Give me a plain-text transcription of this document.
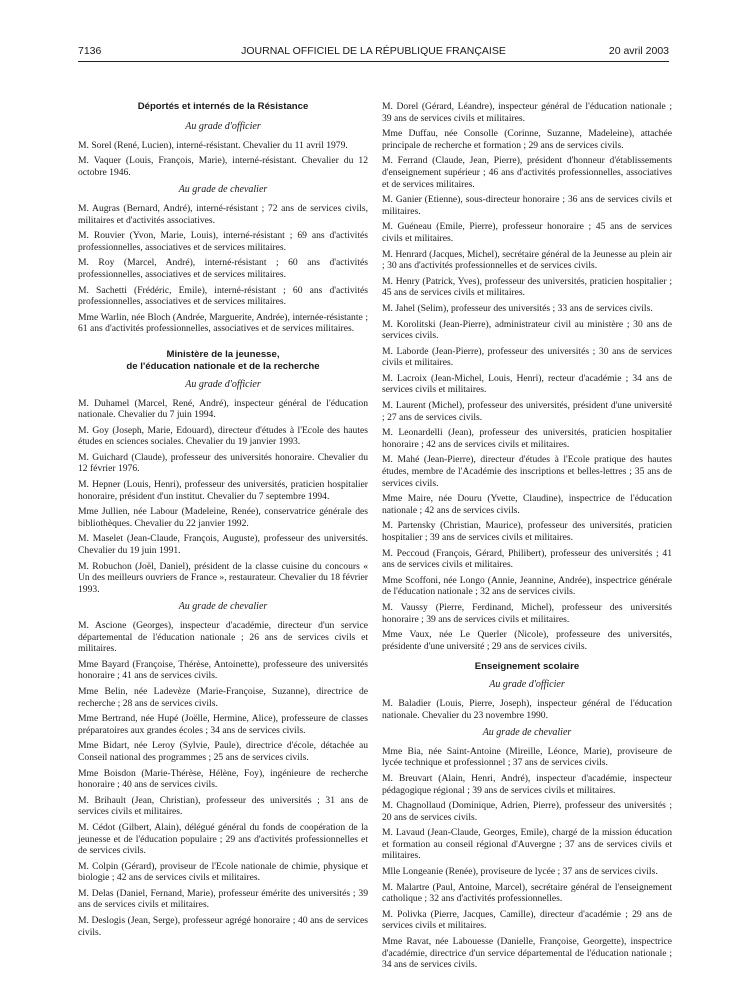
7136	JOURNAL OFFICIEL DE LA RÉPUBLIQUE FRANÇAISE	20 avril 2003
Déportés et internés de la Résistance
Au grade d'officier
M. Sorel (René, Lucien), interné-résistant. Chevalier du 11 avril 1979.
M. Vaquer (Louis, François, Marie), interné-résistant. Chevalier du 12 octobre 1946.
Au grade de chevalier
M. Augras (Bernard, André), interné-résistant ; 72 ans de services civils, militaires et d'activités associatives.
M. Rouvier (Yvon, Marie, Louis), interné-résistant ; 69 ans d'activités professionnelles, associatives et de services militaires.
M. Roy (Marcel, André), interné-résistant ; 60 ans d'activités professionnelles, associatives et de services militaires.
M. Sachetti (Frédéric, Emile), interné-résistant ; 60 ans d'activités professionnelles, associatives et de services militaires.
Mme Warlin, née Bloch (Andrée, Marguerite, Andrée), internée-résistante ; 61 ans d'activités professionnelles, associatives et de services militaires.
Ministère de la jeunesse,
de l'éducation nationale et de la recherche
Au grade d'officier
M. Duhamel (Marcel, René, André), inspecteur général de l'éducation nationale. Chevalier du 7 juin 1994.
M. Goy (Joseph, Marie, Edouard), directeur d'études à l'Ecole des hautes études en sciences sociales. Chevalier du 19 janvier 1993.
M. Guichard (Claude), professeur des universités honoraire. Chevalier du 12 février 1976.
M. Hepner (Louis, Henri), professeur des universités, praticien hospitalier honoraire, président d'un institut. Chevalier du 7 septembre 1994.
Mme Jullien, née Labour (Madeleine, Renée), conservatrice générale des bibliothèques. Chevalier du 22 janvier 1992.
M. Maselet (Jean-Claude, François, Auguste), professeur des universités. Chevalier du 19 juin 1991.
M. Robuchon (Joël, Daniel), président de la classe cuisine du concours « Un des meilleurs ouvriers de France », restaurateur. Chevalier du 18 février 1993.
Au grade de chevalier
M. Ascione (Georges), inspecteur d'académie, directeur d'un service départemental de l'éducation nationale ; 26 ans de services civils et militaires.
Mme Bayard (Françoise, Thérèse, Antoinette), professeure des universités honoraire ; 41 ans de services civils.
Mme Belin, née Ladevèze (Marie-Françoise, Suzanne), directrice de recherche ; 28 ans de services civils.
Mme Bertrand, née Hupé (Joëlle, Hermine, Alice), professeure de classes préparatoires aux grandes écoles ; 34 ans de services civils.
Mme Bidart, née Leroy (Sylvie, Paule), directrice d'école, détachée au Conseil national des programmes ; 25 ans de services civils.
Mme Boisdon (Marie-Thérèse, Hélène, Foy), ingénieure de recherche honoraire ; 40 ans de services civils.
M. Brihault (Jean, Christian), professeur des universités ; 31 ans de services civils et militaires.
M. Cédot (Gilbert, Alain), délégué général du fonds de coopération de la jeunesse et de l'éducation populaire ; 29 ans d'activités professionnelles et de services civils.
M. Colpin (Gérard), proviseur de l'Ecole nationale de chimie, physique et biologie ; 42 ans de services civils et militaires.
M. Delas (Daniel, Fernand, Marie), professeur émérite des universités ; 39 ans de services civils et militaires.
M. Deslogis (Jean, Serge), professeur agrégé honoraire ; 40 ans de services civils.
M. Dorel (Gérard, Léandre), inspecteur général de l'éducation nationale ; 39 ans de services civils et militaires.
Mme Duffau, née Consolle (Corinne, Suzanne, Madeleine), attachée principale de recherche et formation ; 29 ans de services civils.
M. Ferrand (Claude, Jean, Pierre), président d'honneur d'établissements d'enseignement supérieur ; 46 ans d'activités professionnelles, associatives et de services militaires.
M. Ganier (Etienne), sous-directeur honoraire ; 36 ans de services civils et militaires.
M. Guéneau (Emile, Pierre), professeur honoraire ; 45 ans de services civils et militaires.
M. Henrard (Jacques, Michel), secrétaire général de la Jeunesse au plein air ; 30 ans d'activités professionnelles et de services civils.
M. Henry (Patrick, Yves), professeur des universités, praticien hospitalier ; 45 ans de services civils et militaires.
M. Jahel (Selim), professeur des universités ; 33 ans de services civils.
M. Korolitski (Jean-Pierre), administrateur civil au ministère ; 30 ans de services civils.
M. Laborde (Jean-Pierre), professeur des universités ; 30 ans de services civils et militaires.
M. Lacroix (Jean-Michel, Louis, Henri), recteur d'académie ; 34 ans de services civils et militaires.
M. Laurent (Michel), professeur des universités, président d'une université ; 27 ans de services civils.
M. Leonardelli (Jean), professeur des universités, praticien hospitalier honoraire ; 42 ans de services civils et militaires.
M. Mahé (Jean-Pierre), directeur d'études à l'Ecole pratique des hautes études, membre de l'Académie des inscriptions et belles-lettres ; 35 ans de services civils.
Mme Maire, née Douru (Yvette, Claudine), inspectrice de l'éducation nationale ; 42 ans de services civils.
M. Partensky (Christian, Maurice), professeur des universités, praticien hospitalier ; 39 ans de services civils et militaires.
M. Peccoud (François, Gérard, Philibert), professeur des universités ; 41 ans de services civils et militaires.
Mme Scoffoni, née Longo (Annie, Jeannine, Andrée), inspectrice générale de l'éducation nationale ; 32 ans de services civils.
M. Vaussy (Pierre, Ferdinand, Michel), professeur des universités honoraire ; 39 ans de services civils et militaires.
Mme Vaux, née Le Querler (Nicole), professeure des universités, présidente d'une université ; 29 ans de services civils.
Enseignement scolaire
Au grade d'officier
M. Baladier (Louis, Pierre, Joseph), inspecteur général de l'éducation nationale. Chevalier du 23 novembre 1990.
Au grade de chevalier
Mme Bia, née Saint-Antoine (Mireille, Léonce, Marie), proviseure de lycée technique et professionnel ; 37 ans de services civils.
M. Breuvart (Alain, Henri, André), inspecteur d'académie, inspecteur pédagogique régional ; 39 ans de services civils et militaires.
M. Chagnollaud (Dominique, Adrien, Pierre), professeur des universités ; 20 ans de services civils.
M. Lavaud (Jean-Claude, Georges, Emile), chargé de la mission éducation et formation au conseil régional d'Auvergne ; 37 ans de services civils et militaires.
Mlle Longeanie (Renée), proviseure de lycée ; 37 ans de services civils.
M. Malartre (Paul, Antoine, Marcel), secrétaire général de l'enseignement catholique ; 32 ans d'activités professionnelles.
M. Polivka (Pierre, Jacques, Camille), directeur d'académie ; 29 ans de services civils et militaires.
Mme Ravat, née Labouesse (Danielle, Françoise, Georgette), inspectrice d'académie, directrice d'un service départemental de l'éducation nationale ; 34 ans de services civils.
